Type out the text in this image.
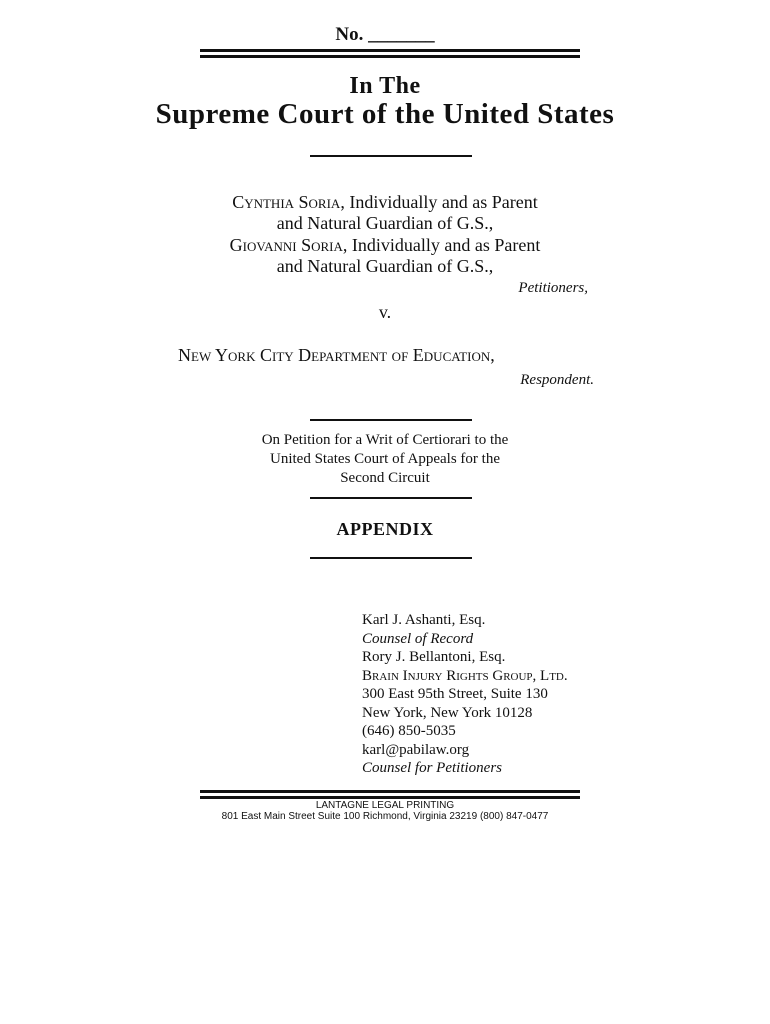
No. _______
In The
Supreme Court of the United States
Cynthia Soria, Individually and as Parent
and Natural Guardian of G.S.,
Giovanni Soria, Individually and as Parent
and Natural Guardian of G.S.,
Petitioners,
v.
New York City Department of Education,
Respondent.
On Petition for a Writ of Certiorari to the
United States Court of Appeals for the
Second Circuit
APPENDIX
Karl J. Ashanti, Esq.
Counsel of Record
Rory J. Bellantoni, Esq.
Brain Injury Rights Group, Ltd.
300 East 95th Street, Suite 130
New York, New York 10128
(646) 850-5035
karl@pabilaw.org
Counsel for Petitioners
LANTAGNE LEGAL PRINTING
801 East Main Street Suite 100 Richmond, Virginia 23219 (800) 847-0477
